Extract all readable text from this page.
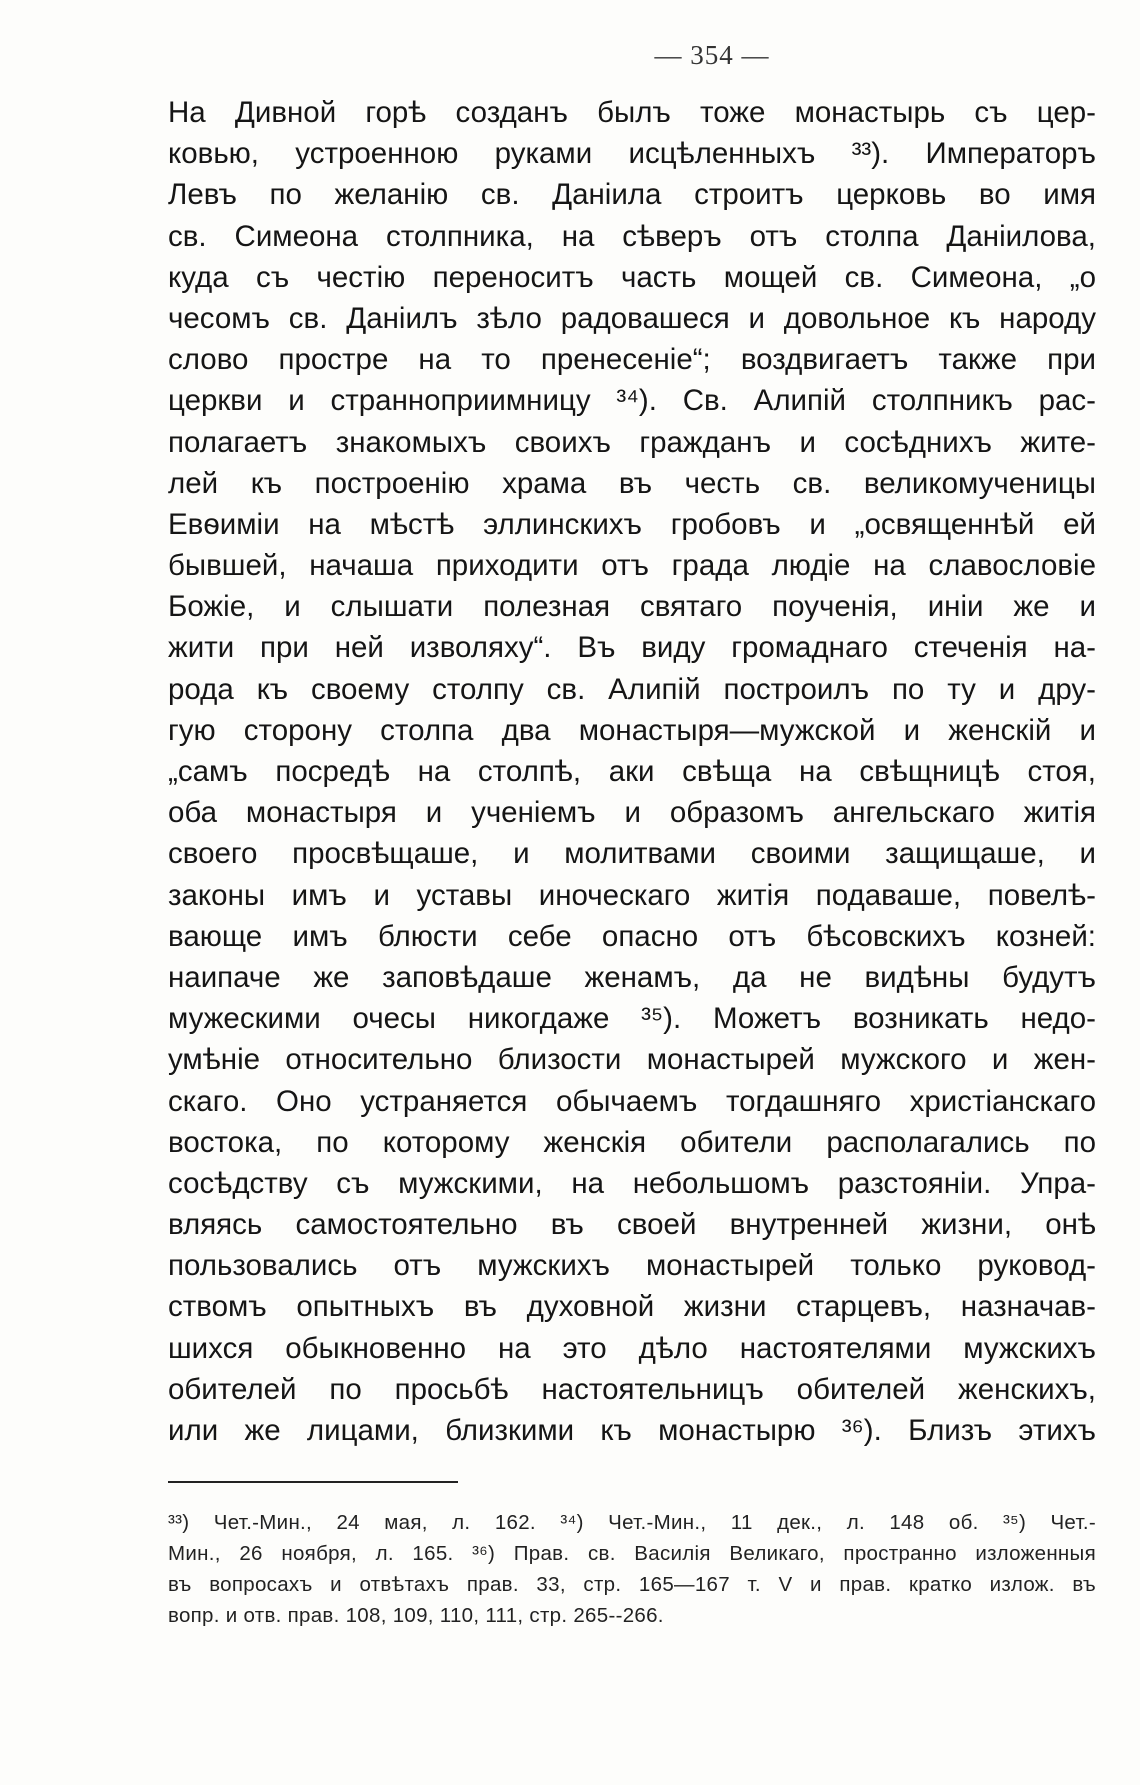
— 354 —
На Дивной горѣ созданъ былъ тоже монастырь съ цер-
ковью, устроенною руками исцѣленныхъ ³³). Императоръ
Левъ по желанію св. Даніила строитъ церковь во имя
св. Симеона столпника, на сѣверъ отъ столпа Даніилова,
куда съ честію переноситъ часть мощей св. Симеона, „о
чесомъ св. Даніилъ зѣло радовашеся и довольное къ народу
слово простре на то пренесеніе“; воздвигаетъ также при
церкви и странноприимницу ³⁴). Св. Алипій столпникъ рас-
полагаетъ знакомыхъ своихъ гражданъ и сосѣднихъ жите-
лей къ построенію храма въ честь св. великомученицы
Евѳиміи на мѣстѣ эллинскихъ гробовъ и „освященнѣй ей
бывшей, начаша приходити отъ града людіе на славословіе
Божіе, и слышати полезная святаго поученія, иніи же и
жити при ней изволяху“. Въ виду громаднаго стеченія на-
рода къ своему столпу св. Алипій построилъ по ту и дру-
гую сторону столпа два монастыря—мужской и женскій и
„самъ посредѣ на столпѣ, аки свѣща на свѣщницѣ стоя,
оба монастыря и ученіемъ и образомъ ангельскаго житія
своего просвѣщаше, и молитвами своими защищаше, и
законы имъ и уставы иноческаго житія подаваше, повелѣ-
вающе имъ блюсти себе опасно отъ бѣсовскихъ козней:
наипаче же заповѣдаше женамъ, да не видѣны будутъ
мужескими очесы никогдаже ³⁵). Можетъ возникать недо-
умѣніе относительно близости монастырей мужского и жен-
скаго. Оно устраняется обычаемъ тогдашняго христіанскаго
востока, по которому женскія обители располагались по
сосѣдству съ мужскими, на небольшомъ разстояніи. Упра-
вляясь самостоятельно въ своей внутренней жизни, онѣ
пользовались отъ мужскихъ монастырей только руковод-
ствомъ опытныхъ въ духовной жизни старцевъ, назначав-
шихся обыкновенно на это дѣло настоятелями мужскихъ
обителей по просьбѣ настоятельницъ обителей женскихъ,
или же лицами, близкими къ монастырю ³⁶). Близъ этихъ
³³) Чет.-Мин., 24 мая, л. 162. ³⁴) Чет.-Мин., 11 дек., л. 148 об. ³⁵) Чет.-
Мин., 26 ноября, л. 165. ³⁶) Прав. св. Василія Великаго, пространно изложенныя
въ вопросахъ и отвѣтахъ прав. 33, стр. 165—167 т. V и прав. кратко излож. въ
вопр. и отв. прав. 108, 109, 110, 111, стр. 265--266.
